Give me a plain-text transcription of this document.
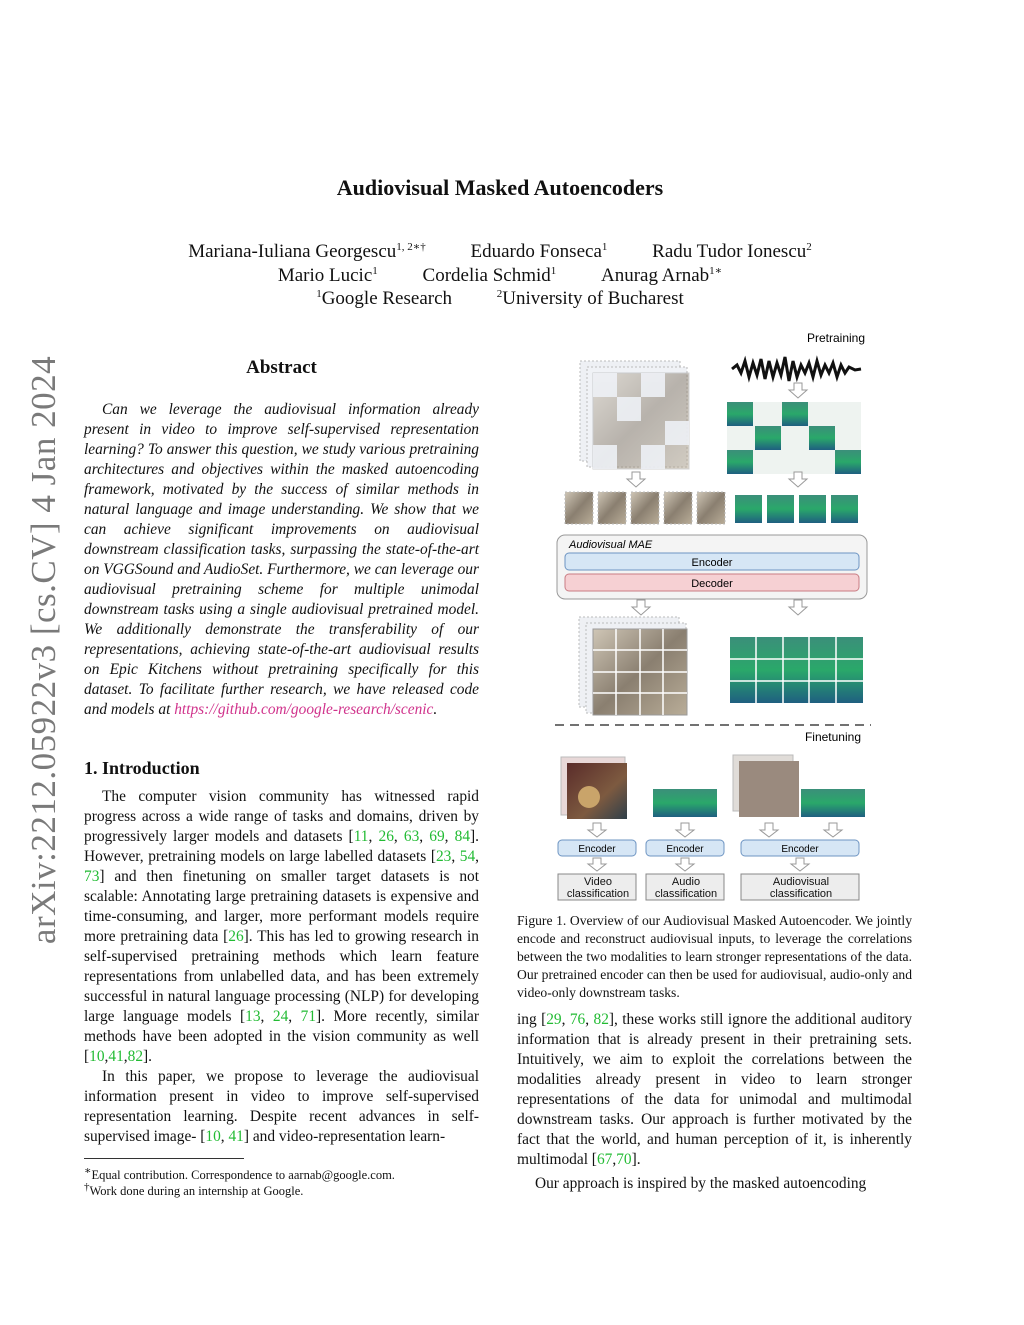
arXiv:2212.05922v3 [cs.CV] 4 Jan 2024
Audiovisual Masked Autoencoders
Mariana-Iuliana Georgescu$^{1, 2∗\dagger}$ Eduardo Fonseca$^1$ Radu Tudor Ionescu$^2$
Mario Lucic$^1$ Cordelia Schmid$^1$ Anurag Arnab$^{1∗}$
$^1$Google Research	$^2$University of Bucharest
Abstract
Can we leverage the audiovisual information already present in video to improve self-supervised representation learning? To answer this question, we study various pretraining architectures and objectives within the masked autoencoding framework, motivated by the success of similar methods in natural language and image understanding. We show that we can achieve significant improvements on audiovisual downstream classification tasks, surpassing the state-of-the-art on VGGSound and AudioSet. Furthermore, we can leverage our audiovisual pretraining scheme for multiple unimodal downstream tasks using a single audiovisual pretrained model. We additionally demonstrate the transferability of our representations, achieving state-of-the-art audiovisual results on Epic Kitchens without pretraining specifically for this dataset. To facilitate further research, we have released code and models at https://github.com/google-research/scenic.
1. Introduction

The computer vision community has witnessed rapid progress across a wide range of tasks and domains, driven by progressively larger models and datasets [11, 26, 63, 69, 84]. However, pretraining models on large labelled datasets [23, 54, 73] and then finetuning on smaller target datasets is not scalable: Annotating large pretraining datasets is expensive and time-consuming, and larger, more performant models require more pretraining data [26]. This has led to growing research in self-supervised pretraining methods which learn feature representations from unlabelled data, and has been extremely successful in natural language processing (NLP) for developing large language models [13, 24, 71]. More recently, similar methods have been adopted in the vision community as well [10,41,82].

In this paper, we propose to leverage the audiovisual information present in video to improve self-supervised representation learning. Despite recent advances in self-supervised image- [10, 41] and video-representation learn-

∗Equal contribution. Correspondence to aarnab@google.com.
†Work done during an internship at Google.
Pretraining
Audiovisual MAE
Encoder
Decoder
Finetuning
Encoder	Encoder	Encoder
Video classification
Audio classification
Audiovisual classification
Figure 1. Overview of our Audiovisual Masked Autoencoder. We jointly encode and reconstruct audiovisual inputs, to leverage the correlations between the two modalities to learn stronger representations of the data. Our pretrained encoder can then be used for audiovisual, audio-only and video-only downstream tasks.

ing [29, 76, 82], these works still ignore the additional auditory information that is already present in their pretraining sets. Intuitively, we aim to exploit the correlations between the modalities already present in video to learn stronger representations of the data for unimodal and multimodal downstream tasks. Our approach is further motivated by the fact that the world, and human perception of it, is inherently multimodal [67,70].

Our approach is inspired by the masked autoencoding
